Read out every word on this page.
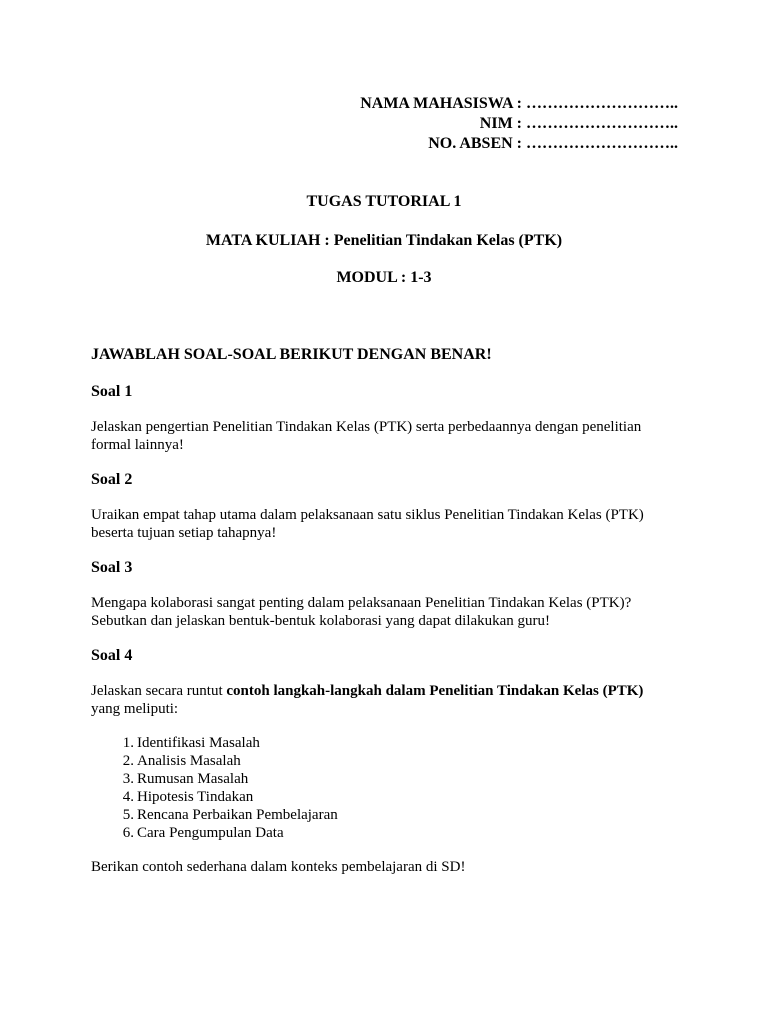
NAMA MAHASISWA : ………………………..
NIM : ………………………..
NO. ABSEN : ………………………..
TUGAS TUTORIAL 1
MATA KULIAH : Penelitian Tindakan Kelas (PTK)
MODUL : 1-3
JAWABLAH SOAL-SOAL BERIKUT DENGAN BENAR!
Soal 1

Jelaskan pengertian Penelitian Tindakan Kelas (PTK) serta perbedaannya dengan penelitian formal lainnya!

Soal 2

Uraikan empat tahap utama dalam pelaksanaan satu siklus Penelitian Tindakan Kelas (PTK) beserta tujuan setiap tahapnya!

Soal 3

Mengapa kolaborasi sangat penting dalam pelaksanaan Penelitian Tindakan Kelas (PTK)? Sebutkan dan jelaskan bentuk-bentuk kolaborasi yang dapat dilakukan guru!

Soal 4

Jelaskan secara runtut contoh langkah-langkah dalam Penelitian Tindakan Kelas (PTK) yang meliputi:

1. Identifikasi Masalah
2. Analisis Masalah
3. Rumusan Masalah
4. Hipotesis Tindakan
5. Rencana Perbaikan Pembelajaran
6. Cara Pengumpulan Data

Berikan contoh sederhana dalam konteks pembelajaran di SD!
